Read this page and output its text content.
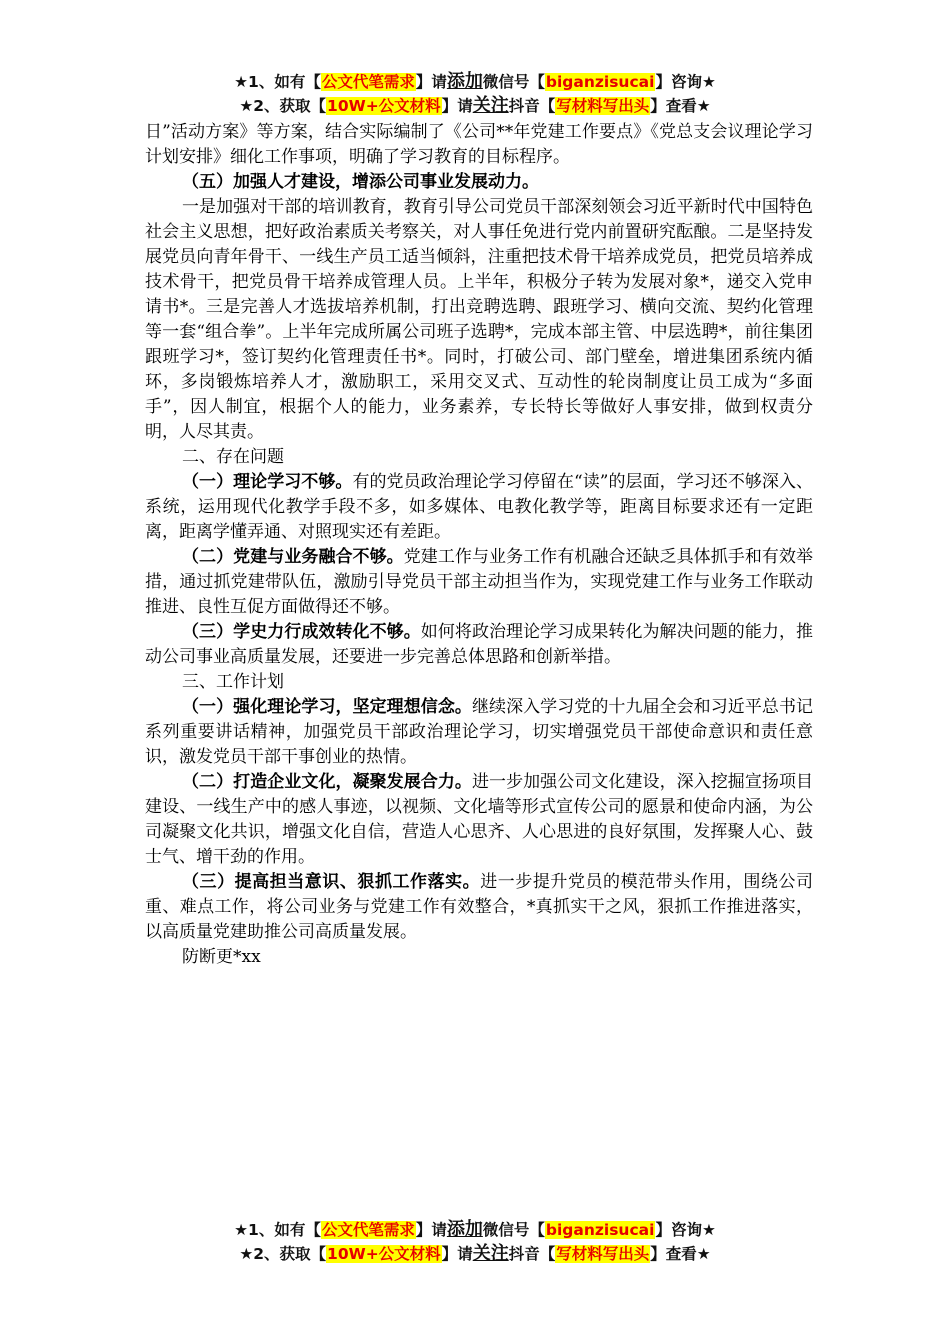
★1、如有【公文代笔需求】请添加微信号【biganzisucai】咨询★
★2、获取【10W+公文材料】请关注抖音【写材料写出头】查看★

日”活动方案》等方案，结合实际编制了《公司**年党建工作要点》《党总支会议理论学习计划安排》细化工作事项，明确了学习教育的目标程序。

（五）加强人才建设，增添公司事业发展动力。

一是加强对干部的培训教育，教育引导公司党员干部深刻领会习近平新时代中国特色社会主义思想，把好政治素质关考察关，对人事任免进行党内前置研究酝酿。二是坚持发展党员向青年骨干、一线生产员工适当倾斜，注重把技术骨干培养成党员，把党员培养成技术骨干，把党员骨干培养成管理人员。上半年，积极分子转为发展对象*，递交入党申请书*。三是完善人才选拔培养机制，打出竞聘选聘、跟班学习、横向交流、契约化管理等一套“组合拳”。上半年完成所属公司班子选聘*，完成本部主管、中层选聘*，前往集团跟班学习*，签订契约化管理责任书*。同时，打破公司、部门壁垒，增进集团系统内循环，多岗锻炼培养人才，激励职工，采用交叉式、互动性的轮岗制度让员工成为“多面手”，因人制宜，根据个人的能力，业务素养，专长特长等做好人事安排，做到权责分明，人尽其责。

二、存在问题

（一）理论学习不够。有的党员政治理论学习停留在“读”的层面，学习还不够深入、系统，运用现代化教学手段不多，如多媒体、电教化教学等，距离目标要求还有一定距离，距离学懂弄通、对照现实还有差距。

（二）党建与业务融合不够。党建工作与业务工作有机融合还缺乏具体抓手和有效举措，通过抓党建带队伍，激励引导党员干部主动担当作为，实现党建工作与业务工作联动推进、良性互促方面做得还不够。

（三）学史力行成效转化不够。如何将政治理论学习成果转化为解决问题的能力，推动公司事业高质量发展，还要进一步完善总体思路和创新举措。

三、工作计划

（一）强化理论学习，坚定理想信念。继续深入学习党的十九届全会和习近平总书记系列重要讲话精神，加强党员干部政治理论学习，切实增强党员干部使命意识和责任意识，激发党员干部干事创业的热情。

（二）打造企业文化，凝聚发展合力。进一步加强公司文化建设，深入挖掘宣扬项目建设、一线生产中的感人事迹，以视频、文化墙等形式宣传公司的愿景和使命内涵，为公司凝聚文化共识，增强文化自信，营造人心思齐、人心思进的良好氛围，发挥聚人心、鼓士气、增干劲的作用。

（三）提高担当意识、狠抓工作落实。进一步提升党员的模范带头作用，围绕公司重、难点工作，将公司业务与党建工作有效整合，*真抓实干之风，狠抓工作推进落实，以高质量党建助推公司高质量发展。

防断更*xx

★1、如有【公文代笔需求】请添加微信号【biganzisucai】咨询★
★2、获取【10W+公文材料】请关注抖音【写材料写出头】查看★
